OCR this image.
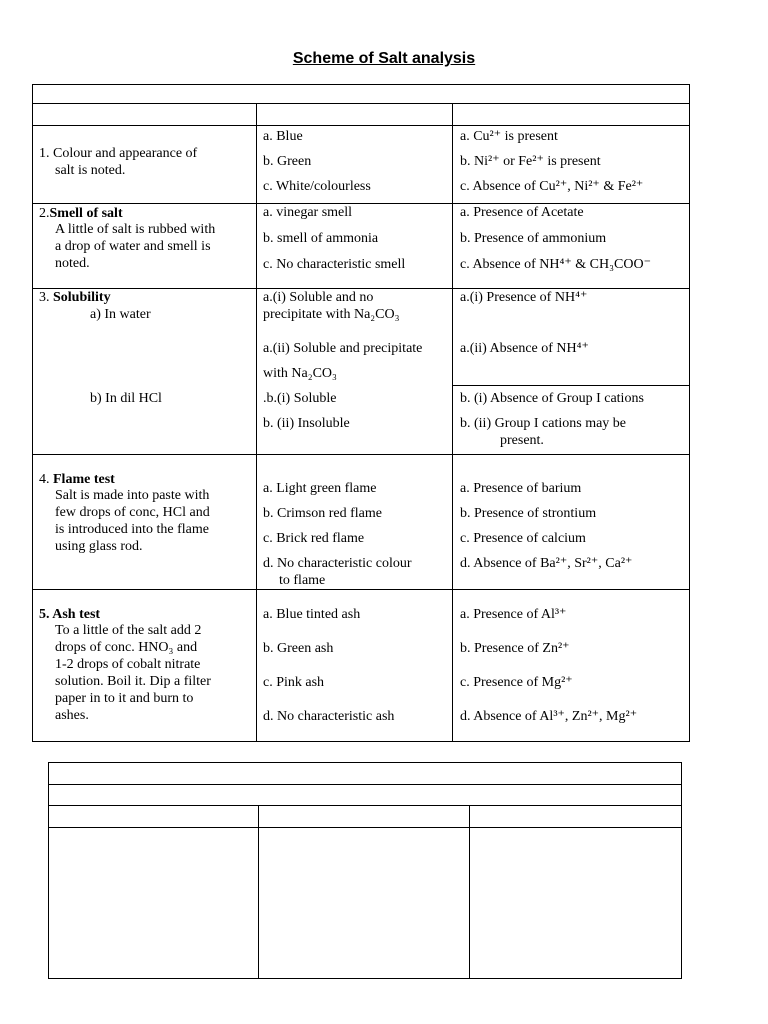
Scheme of Salt analysis
1. Colour and appearance of
salt is noted.
a. Blue
b. Green
c. White/colourless
a. Cu²⁺ is present
b. Ni²⁺ or Fe²⁺ is present
c. Absence of Cu²⁺, Ni²⁺ & Fe²⁺
2.Smell of salt
A little of salt is rubbed with
a drop of water and smell is
noted.
a. vinegar smell
b. smell of ammonia
c. No characteristic smell
a. Presence of Acetate
b. Presence of ammonium
c. Absence of NH⁴⁺ & CH₃COO⁻
3. Solubility
a) In water
b) In dil HCl
a.(i) Soluble and no
precipitate with Na₂CO₃
a.(ii) Soluble and precipitate
with Na₂CO₃
.b.(i) Soluble
b. (ii) Insoluble
a.(i) Presence of NH⁴⁺
a.(ii) Absence of NH⁴⁺
b. (i) Absence of Group I cations
b. (ii) Group I cations may be
present.
4. Flame test
Salt is made into paste with
few drops of conc, HCl and
is introduced into the flame
using glass rod.
a. Light green flame
b. Crimson red flame
c. Brick red flame
d. No characteristic colour
to flame
a. Presence of barium
b. Presence of strontium
c. Presence of calcium
d. Absence of Ba²⁺, Sr²⁺, Ca²⁺
5. Ash test
To a little of the salt add 2
drops of conc. HNO₃ and
1-2 drops of cobalt nitrate
solution. Boil it. Dip a filter
paper in to it and burn to
ashes.
a. Blue tinted ash
b. Green ash
c. Pink ash
d. No characteristic ash
a. Presence of Al³⁺
b. Presence of Zn²⁺
c. Presence of Mg²⁺
d. Absence of Al³⁺, Zn²⁺, Mg²⁺
